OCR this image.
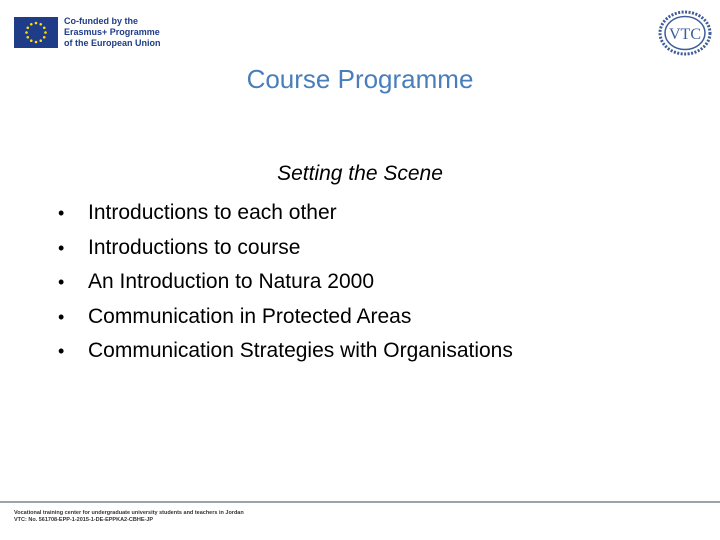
Co-funded by the
Erasmus+ Programme
of the European Union	VTC
Course Programme
Setting the Scene
•	Introductions to each other
•	Introductions to course
•	An Introduction to Natura 2000
•	Communication in Protected Areas
•	Communication Strategies with Organisations
Vocational training center for undergraduate university students and teachers in Jordan
VTC: No. 561708-EPP-1-2015-1-DE-EPPKA2-CBHE-JP
